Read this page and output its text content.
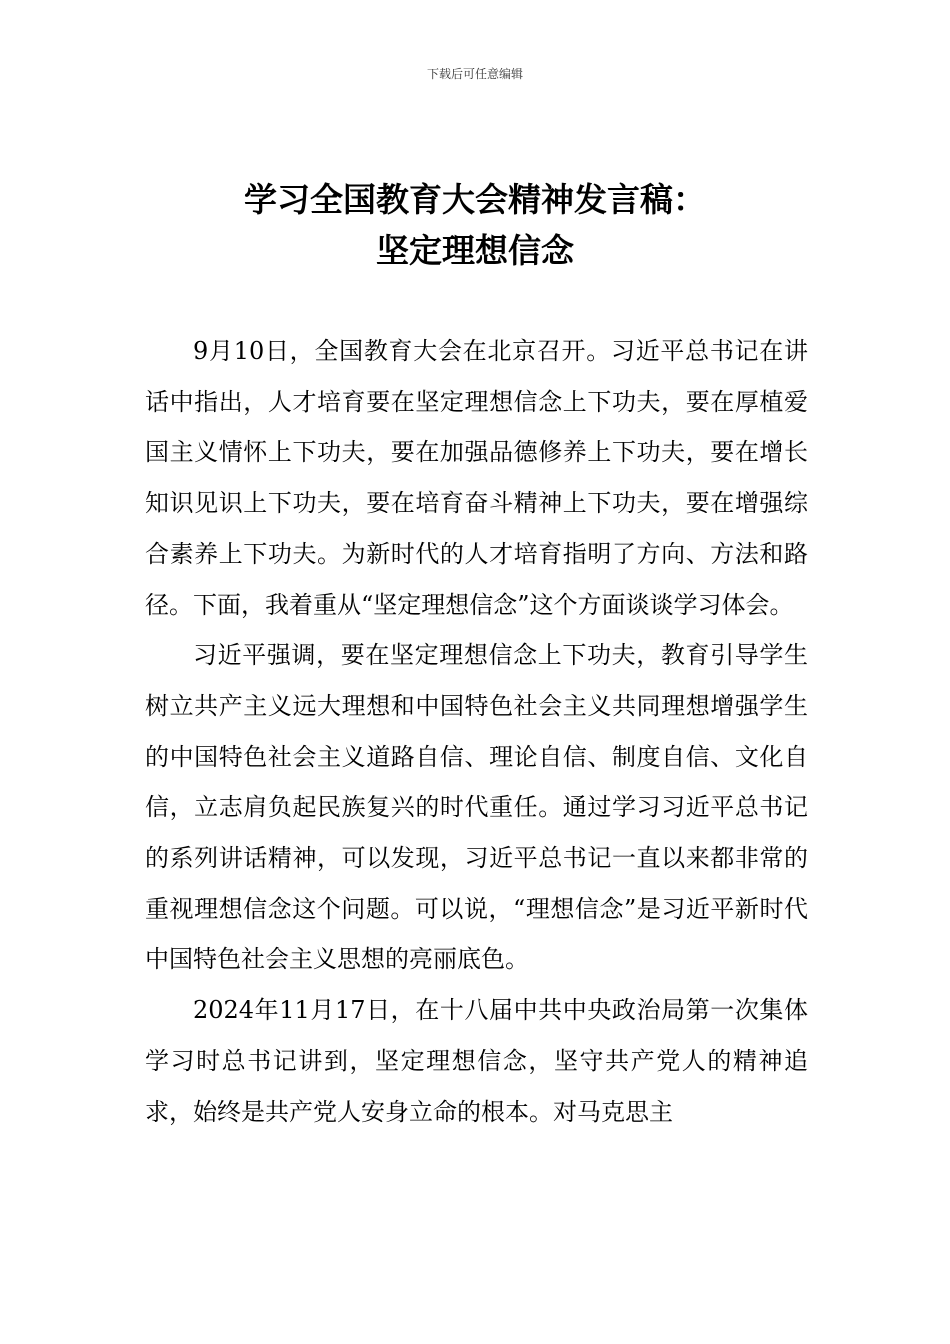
下载后可任意编辑
学习全国教育大会精神发言稿：
坚定理想信念

9月10日，全国教育大会在北京召开。习近平总书记在讲话中指出，人才培育要在坚定理想信念上下功夫，要在厚植爱国主义情怀上下功夫，要在加强品德修养上下功夫，要在增长知识见识上下功夫，要在培育奋斗精神上下功夫，要在增强综合素养上下功夫。为新时代的人才培育指明了方向、方法和路径。下面，我着重从“坚定理想信念”这个方面谈谈学习体会。

习近平强调，要在坚定理想信念上下功夫，教育引导学生树立共产主义远大理想和中国特色社会主义共同理想增强学生的中国特色社会主义道路自信、理论自信、制度自信、文化自信，立志肩负起民族复兴的时代重任。通过学习习近平总书记的系列讲话精神，可以发现，习近平总书记一直以来都非常的重视理想信念这个问题。可以说，“理想信念”是习近平新时代中国特色社会主义思想的亮丽底色。

2024年11月17日，在十八届中共中央政治局第一次集体学习时总书记讲到，坚定理想信念，坚守共产党人的精神追求，始终是共产党人安身立命的根本。对马克思主
